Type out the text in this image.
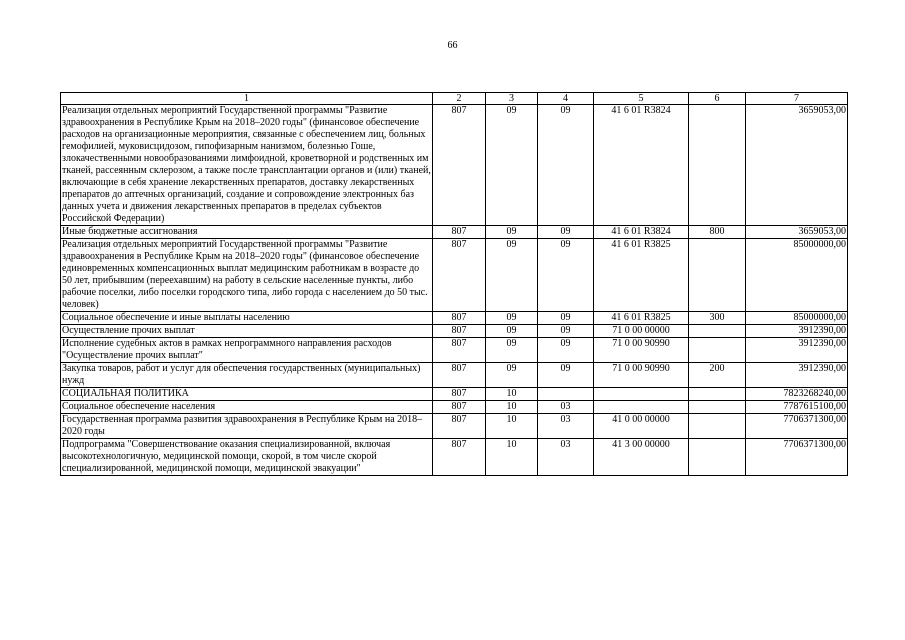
66
1	2	3	4	5	6	7
Реализация отдельных мероприятий Государственной программы "Развитие здравоохранения в Республике Крым на 2018–2020 годы" (финансовое обеспечение расходов на организационные мероприятия, связанные с обеспечением лиц, больных гемофилией, муковисцидозом, гипофизарным нанизмом, болезнью Гоше, злокачественными новообразованиями лимфоидной, кроветворной и родственных им тканей, рассеянным склерозом, а также после трансплантации органов и (или) тканей, включающие в себя хранение лекарственных препаратов, доставку лекарственных препаратов до аптечных организаций, создание и сопровождение электронных баз данных учета и движения лекарственных препаратов в пределах субъектов Российской Федерации)	807	09	09	41 6 01 R3824		3659053,00
Иные бюджетные ассигнования	807	09	09	41 6 01 R3824	800	3659053,00
Реализация отдельных мероприятий Государственной программы "Развитие здравоохранения в Республике Крым на 2018–2020 годы" (финансовое обеспечение единовременных компенсационных выплат медицинским работникам в возрасте до 50 лет, прибывшим (переехавшим) на работу в сельские населенные пункты, либо рабочие поселки, либо поселки городского типа, либо города с населением до 50 тыс. человек)	807	09	09	41 6 01 R3825		85000000,00
Социальное обеспечение и иные выплаты населению	807	09	09	41 6 01 R3825	300	85000000,00
Осуществление прочих выплат	807	09	09	71 0 00 00000		3912390,00
Исполнение судебных актов в рамках непрограммного направления расходов "Осуществление прочих выплат"	807	09	09	71 0 00 90990		3912390,00
Закупка товаров, работ и услуг для обеспечения государственных (муниципальных) нужд	807	09	09	71 0 00 90990	200	3912390,00
СОЦИАЛЬНАЯ ПОЛИТИКА	807	10				7823268240,00
Социальное обеспечение населения	807	10	03			7787615100,00
Государственная программа развития здравоохранения в Республике Крым на 2018–2020 годы	807	10	03	41 0 00 00000		7706371300,00
Подпрограмма "Совершенствование оказания специализированной, включая высокотехнологичную, медицинской помощи, скорой, в том числе скорой специализированной, медицинской помощи, медицинской эвакуации"	807	10	03	41 3 00 00000		7706371300,00
